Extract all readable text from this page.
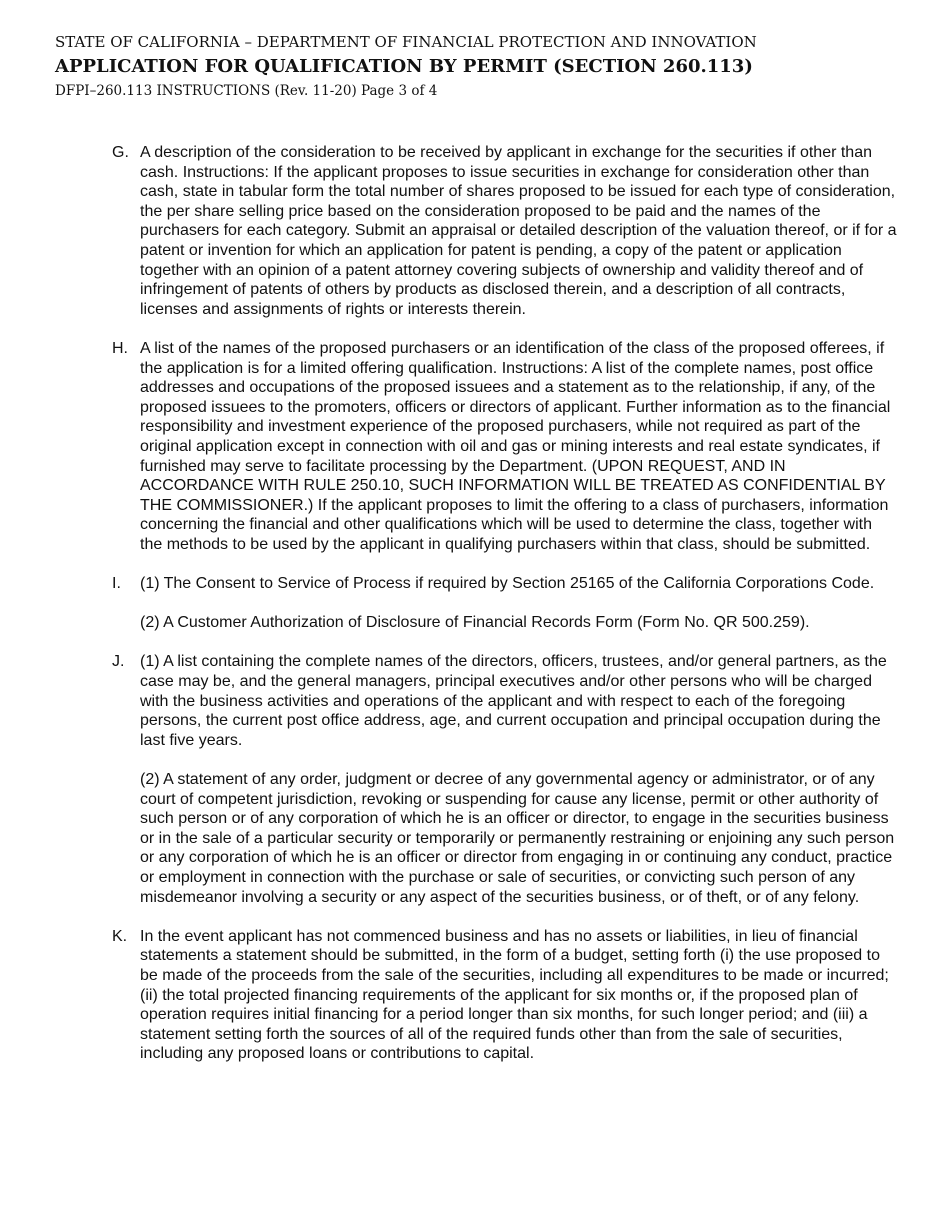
STATE OF CALIFORNIA – DEPARTMENT OF FINANCIAL PROTECTION AND INNOVATION
APPLICATION FOR QUALIFICATION BY PERMIT (SECTION 260.113)
DFPI–260.113 INSTRUCTIONS (Rev. 11-20) Page 3 of 4
G. A description of the consideration to be received by applicant in exchange for the securities if other than cash. Instructions: If the applicant proposes to issue securities in exchange for consideration other than cash, state in tabular form the total number of shares proposed to be issued for each type of consideration, the per share selling price based on the consideration proposed to be paid and the names of the purchasers for each category. Submit an appraisal or detailed description of the valuation thereof, or if for a patent or invention for which an application for patent is pending, a copy of the patent or application together with an opinion of a patent attorney covering subjects of ownership and validity thereof and of infringement of patents of others by products as disclosed therein, and a description of all contracts, licenses and assignments of rights or interests therein.
H. A list of the names of the proposed purchasers or an identification of the class of the proposed offerees, if the application is for a limited offering qualification. Instructions: A list of the complete names, post office addresses and occupations of the proposed issuees and a statement as to the relationship, if any, of the proposed issuees to the promoters, officers or directors of applicant. Further information as to the financial responsibility and investment experience of the proposed purchasers, while not required as part of the original application except in connection with oil and gas or mining interests and real estate syndicates, if furnished may serve to facilitate processing by the Department. (UPON REQUEST, AND IN ACCORDANCE WITH RULE 250.10, SUCH INFORMATION WILL BE TREATED AS CONFIDENTIAL BY THE COMMISSIONER.) If the applicant proposes to limit the offering to a class of purchasers, information concerning the financial and other qualifications which will be used to determine the class, together with the methods to be used by the applicant in qualifying purchasers within that class, should be submitted.
I.	(1) The Consent to Service of Process if required by Section 25165 of the California Corporations Code.
(2) A Customer Authorization of Disclosure of Financial Records Form (Form No. QR 500.259).
J. (1) A list containing the complete names of the directors, officers, trustees, and/or general partners, as the case may be, and the general managers, principal executives and/or other persons who will be charged with the business activities and operations of the applicant and with respect to each of the foregoing persons, the current post office address, age, and current occupation and principal occupation during the last five years.
(2) A statement of any order, judgment or decree of any governmental agency or administrator, or of any court of competent jurisdiction, revoking or suspending for cause any license, permit or other authority of such person or of any corporation of which he is an officer or director, to engage in the securities business or in the sale of a particular security or temporarily or permanently restraining or enjoining any such person or any corporation of which he is an officer or director from engaging in or continuing any conduct, practice or employment in connection with the purchase or sale of securities, or convicting such person of any misdemeanor involving a security or any aspect of the securities business, or of theft, or of any felony.
K. In the event applicant has not commenced business and has no assets or liabilities, in lieu of financial statements a statement should be submitted, in the form of a budget, setting forth (i) the use proposed to be made of the proceeds from the sale of the securities, including all expenditures to be made or incurred; (ii) the total projected financing requirements of the applicant for six months or, if the proposed plan of operation requires initial financing for a period longer than six months, for such longer period; and (iii) a statement setting forth the sources of all of the required funds other than from the sale of securities, including any proposed loans or contributions to capital.
